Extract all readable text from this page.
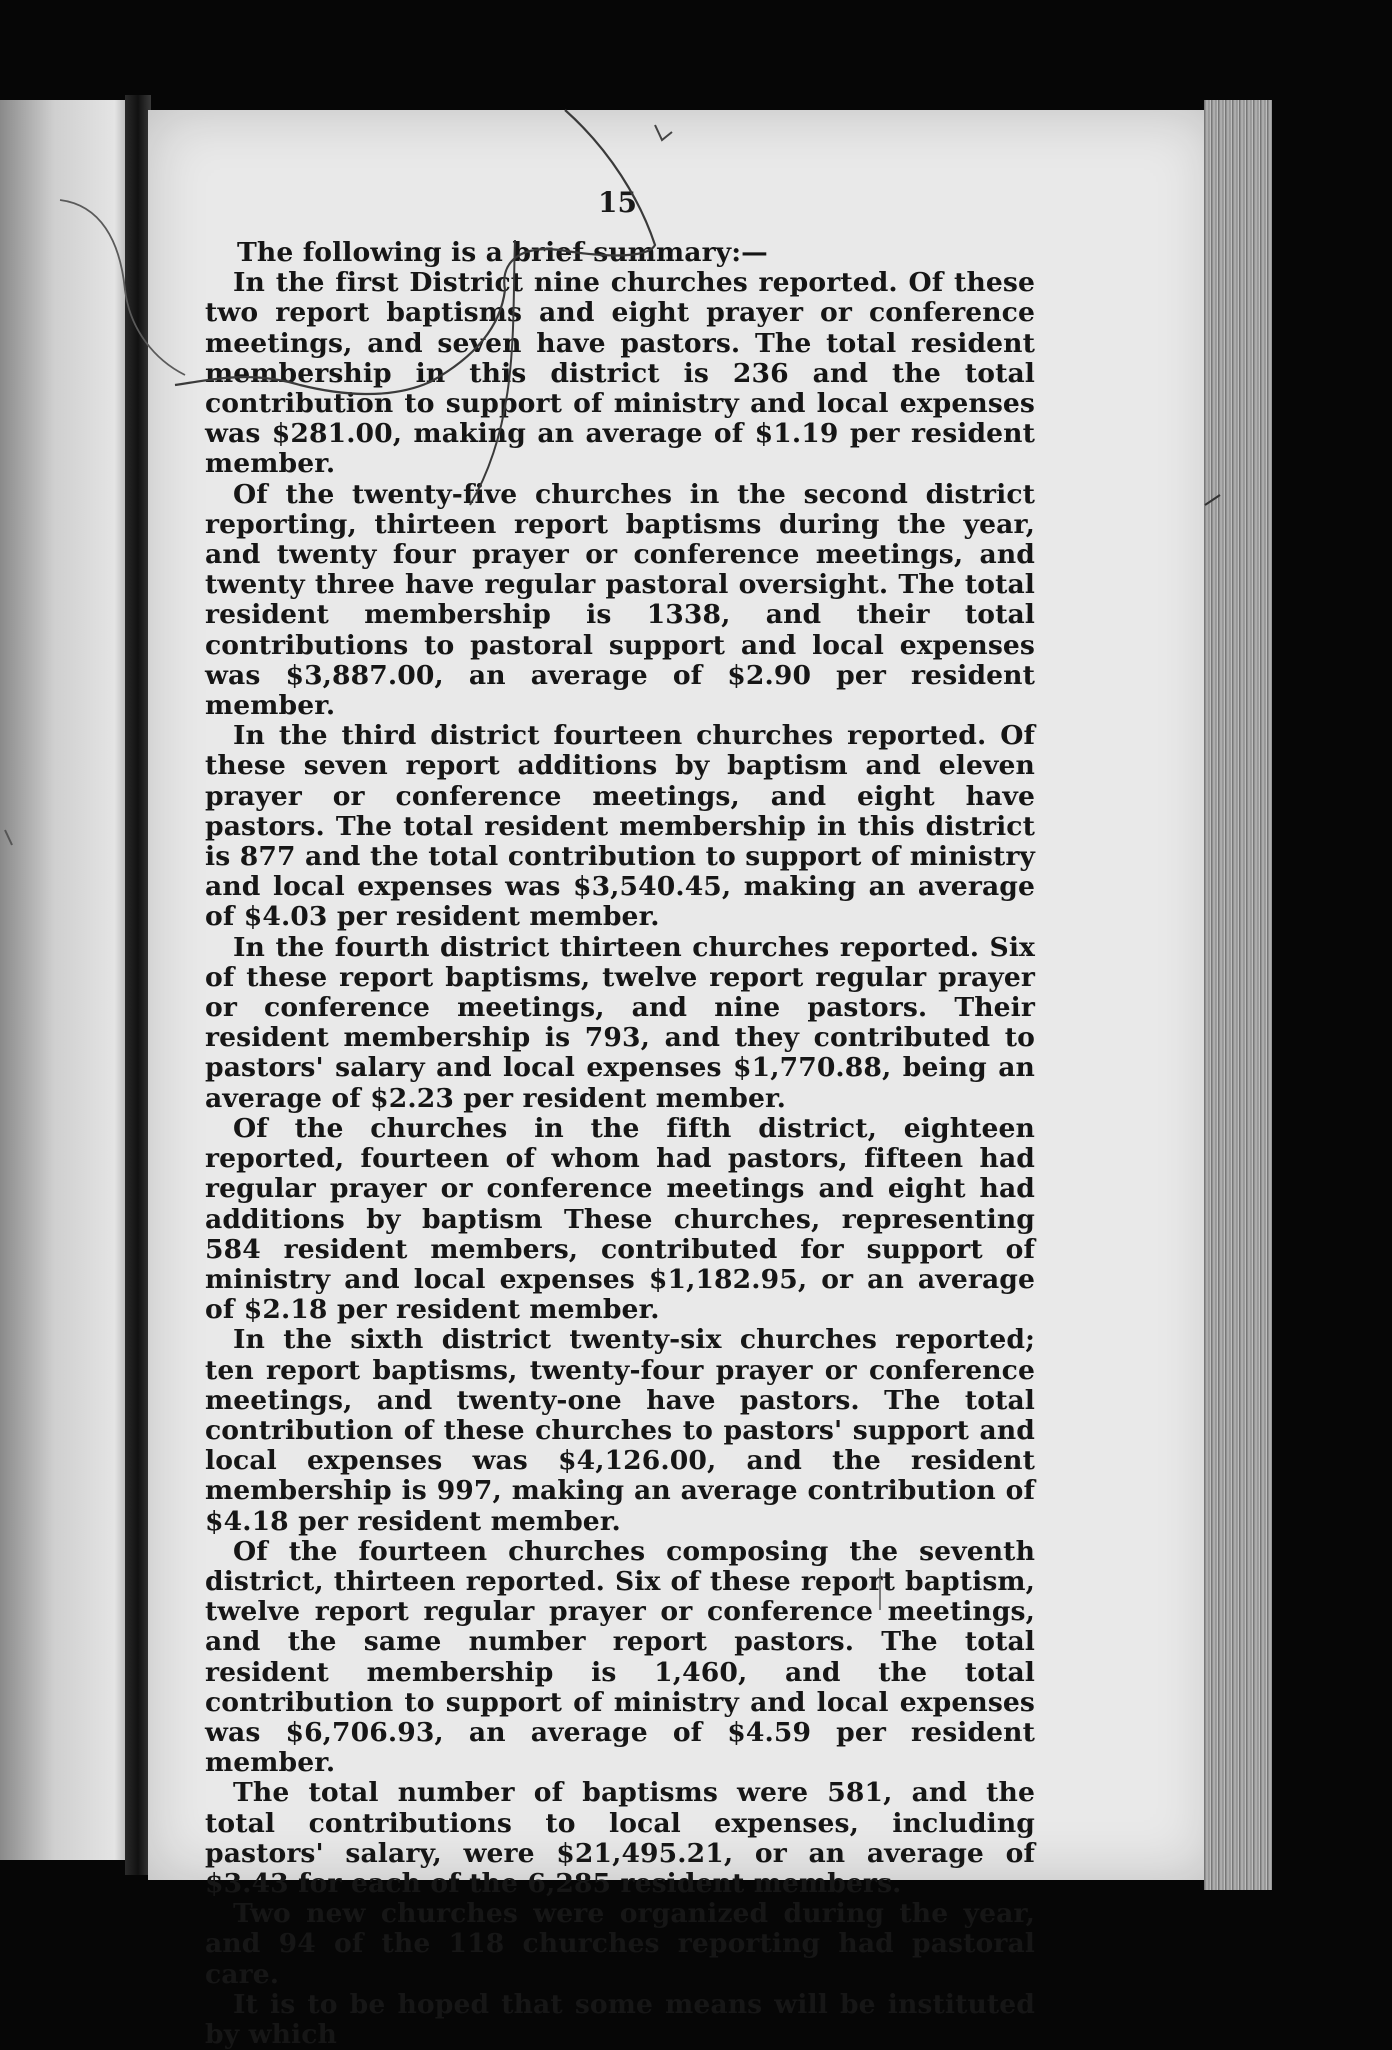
15

The following is a brief summary:—

In the first District nine churches reported. Of these two report baptisms and eight prayer or conference meetings, and seven have pastors. The total resident membership in this district is 236 and the total contribution to support of ministry and local expenses was $281.00, making an average of $1.19 per resident member.

Of the twenty-five churches in the second district reporting, thirteen report baptisms during the year, and twenty four prayer or conference meetings, and twenty three have regular pastoral oversight. The total resident membership is 1338, and their total contributions to pastoral support and local expenses was $3,887.00, an average of $2.90 per resident member.

In the third district fourteen churches reported. Of these seven report additions by baptism and eleven prayer or conference meetings, and eight have pastors. The total resident membership in this district is 877 and the total contribution to support of ministry and local expenses was $3,540.45, making an average of $4.03 per resident member.

In the fourth district thirteen churches reported. Six of these report baptisms, twelve report regular prayer or conference meetings, and nine pastors. Their resident membership is 793, and they contributed to pastors' salary and local expenses $1,770.88, being an average of $2.23 per resident member.

Of the churches in the fifth district, eighteen reported, fourteen of whom had pastors, fifteen had regular prayer or conference meetings and eight had additions by baptism These churches, representing 584 resident members, contributed for support of ministry and local expenses $1,182.95, or an average of $2.18 per resident member.

In the sixth district twenty-six churches reported; ten report baptisms, twenty-four prayer or conference meetings, and twenty-one have pastors. The total contribution of these churches to pastors' support and local expenses was $4,126.00, and the resident membership is 997, making an average contribution of $4.18 per resident member.

Of the fourteen churches composing the seventh district, thirteen reported. Six of these report baptism, twelve report regular prayer or conference meetings, and the same number report pastors. The total resident membership is 1,460, and the total contribution to support of ministry and local expenses was $6,706.93, an average of $4.59 per resident member.

The total number of baptisms were 581, and the total contributions to local expenses, including pastors' salary, were $21,495.21, or an average of $3.43 for each of the 6,285 resident members.

Two new churches were organized during the year, and 94 of the 118 churches reporting had pastoral care.

It is to be hoped that some means will be instituted by which
